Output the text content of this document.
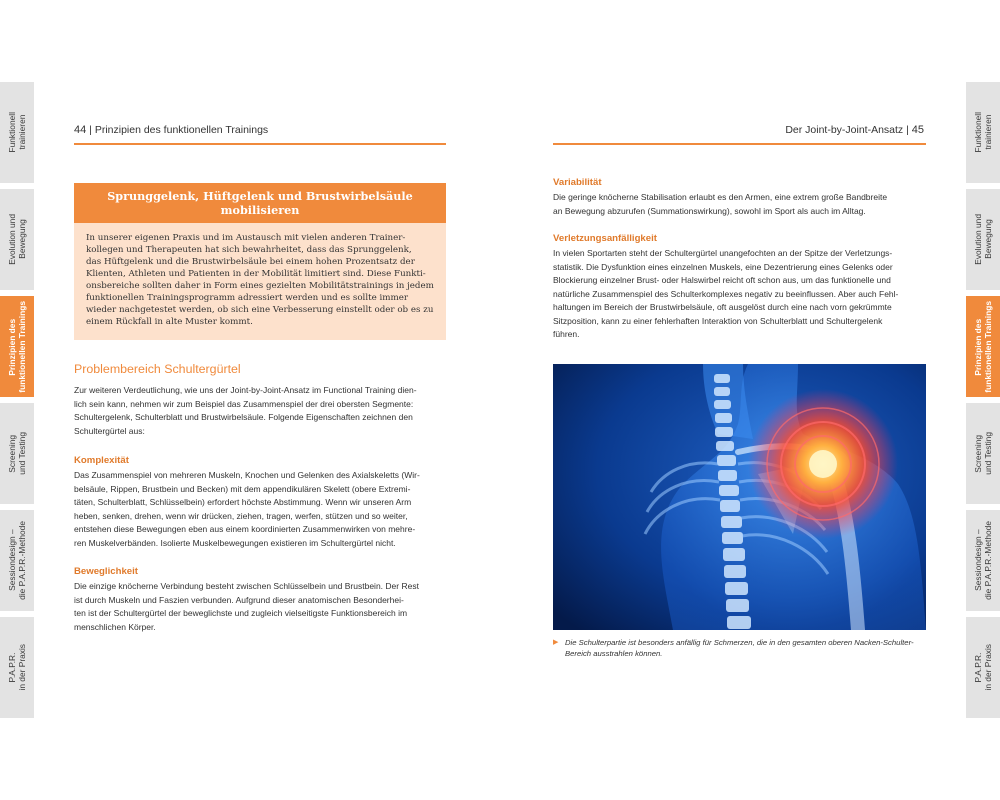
Funktionell
trainieren
Evolution und
Bewegung
Prinzipien des
funktionellen Trainings
Screening
und Testing
Sessiondesign –
die P.A.P.R.-Methode
P.A.P.R.
in der Praxis
Funktionell
trainieren
Evolution und
Bewegung
Prinzipien des
funktionellen Trainings
Screening
und Testing
Sessiondesign –
die P.A.P.R.-Methode
P.A.P.R.
in der Praxis
44 | Prinzipien des funktionellen Trainings
Sprunggelenk, Hüftgelenk und Brustwirbelsäule mobilisieren
In unserer eigenen Praxis und im Austausch mit vielen anderen Trainer-
kollegen und Therapeuten hat sich bewahrheitet, dass das Sprunggelenk,
das Hüftgelenk und die Brustwirbelsäule bei einem hohen Prozentsatz der
Klienten, Athleten und Patienten in der Mobilität limitiert sind. Diese Funkti-
onsbereiche sollten daher in Form eines gezielten Mobilitätstrainings in jedem
funktionellen Trainingsprogramm adressiert werden und es sollte immer
wieder nachgetestet werden, ob sich eine Verbesserung einstellt oder ob es zu
einem Rückfall in alte Muster kommt.
Problembereich Schultergürtel
Zur weiteren Verdeutlichung, wie uns der Joint-by-Joint-Ansatz im Functional Training dien-
lich sein kann, nehmen wir zum Beispiel das Zusammenspiel der drei obersten Segmente:
Schultergelenk, Schulterblatt und Brustwirbelsäule. Folgende Eigenschaften zeichnen den
Schultergürtel aus:
Komplexität
Das Zusammenspiel von mehreren Muskeln, Knochen und Gelenken des Axialskeletts (Wir-
belsäule, Rippen, Brustbein und Becken) mit dem appendikulären Skelett (obere Extremi-
täten, Schulterblatt, Schlüsselbein) erfordert höchste Abstimmung. Wenn wir unseren Arm
heben, senken, drehen, wenn wir drücken, ziehen, tragen, werfen, stützen und so weiter,
entstehen diese Bewegungen eben aus einem koordinierten Zusammenwirken von mehre-
ren Muskelverbänden. Isolierte Muskelbewegungen existieren im Schultergürtel nicht.
Beweglichkeit
Die einzige knöcherne Verbindung besteht zwischen Schlüsselbein und Brustbein. Der Rest
ist durch Muskeln und Faszien verbunden. Aufgrund dieser anatomischen Besonderhei-
ten ist der Schultergürtel der beweglichste und zugleich vielseitigste Funktionsbereich im
menschlichen Körper.
Der Joint-by-Joint-Ansatz | 45
Variabilität
Die geringe knöcherne Stabilisation erlaubt es den Armen, eine extrem große Bandbreite
an Bewegung abzurufen (Summationswirkung), sowohl im Sport als auch im Alltag.
Verletzungsanfälligkeit
In vielen Sportarten steht der Schultergürtel unangefochten an der Spitze der Verletzungs-
statistik. Die Dysfunktion eines einzelnen Muskels, eine Dezentrierung eines Gelenks oder
Blockierung einzelner Brust- oder Halswirbel reicht oft schon aus, um das funktionelle und
natürliche Zusammenspiel des Schulterkomplexes negativ zu beeinflussen. Aber auch Fehl-
haltungen im Bereich der Brustwirbelsäule, oft ausgelöst durch eine nach vorn gekrümmte
Sitzposition, kann zu einer fehlerhaften Interaktion von Schulterblatt und Schultergelenk
führen.
▶ Die Schulterpartie ist besonders anfällig für Schmerzen, die in den gesamten oberen Nacken-Schulter-
Bereich ausstrahlen können.
